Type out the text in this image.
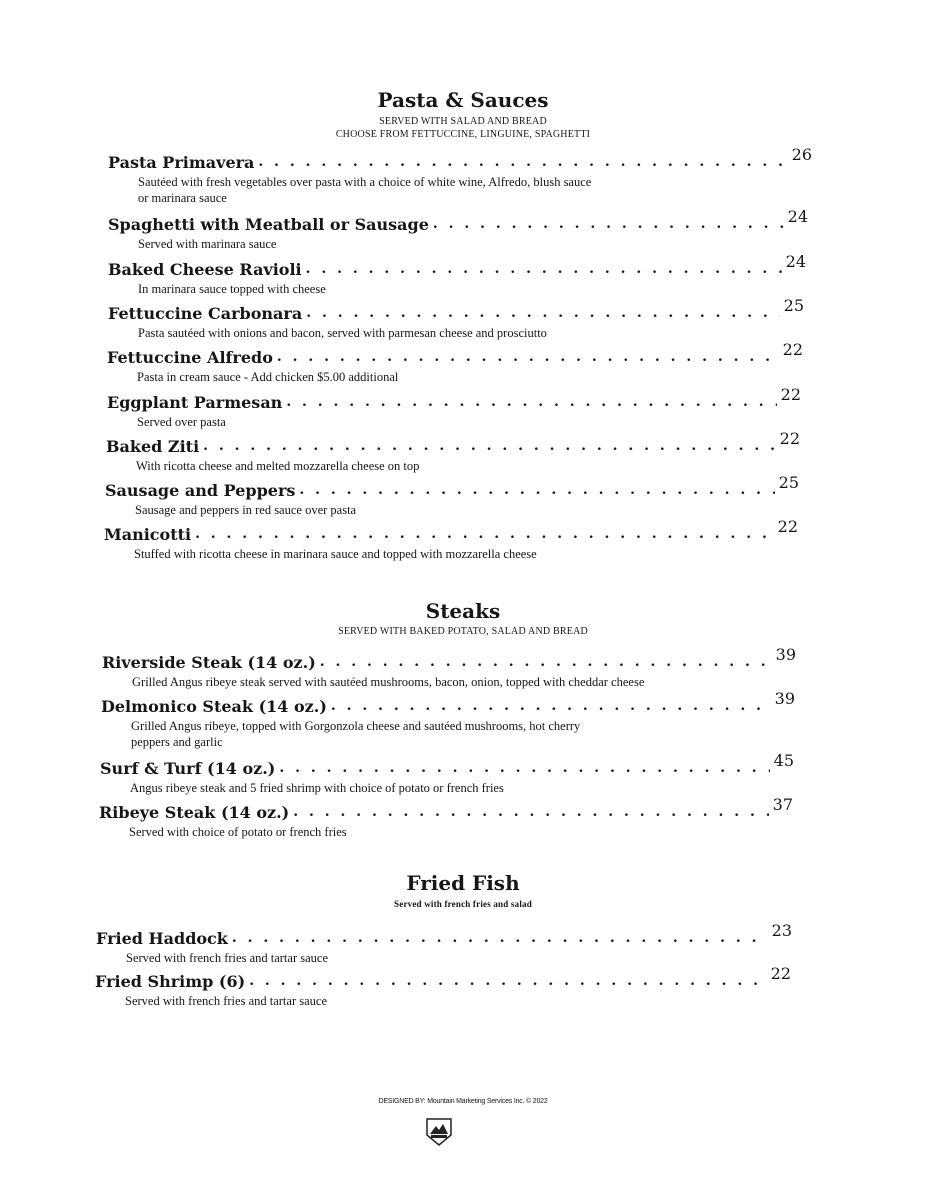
Pasta & Sauces

SERVED WITH SALAD AND BREAD

CHOOSE FROM FETTUCCINE, LINGUINE, SPAGHETTI

Pasta Primavera . . .	26
Sautéed with fresh vegetables over pasta with a choice of white wine, Alfredo, blush sauce
or marinara sauce
Spaghetti with Meatball or Sausage . . .	24
Served with marinara sauce
Baked Cheese Ravioli . . .	24
In marinara sauce topped with cheese
Fettuccine Carbonara . . .	25
Pasta sautéed with onions and bacon, served with parmesan cheese and prosciutto
Fettuccine Alfredo . . .	22
Pasta in cream sauce - Add chicken $5.00 additional
Eggplant Parmesan . . .	22
Served over pasta
Baked Ziti . . .	22
With ricotta cheese and melted mozzarella cheese on top
Sausage and Peppers . . .	25
Sausage and peppers in red sauce over pasta
Manicotti . . .	22
Stuffed with ricotta cheese in marinara sauce and topped with mozzarella cheese
Steaks

SERVED WITH BAKED POTATO, SALAD AND BREAD

Riverside Steak (14 oz.) . . .	39
Grilled Angus ribeye steak served with sautéed mushrooms, bacon, onion, topped with cheddar cheese
Delmonico Steak (14 oz.) . . .	39
Grilled Angus ribeye, topped with Gorgonzola cheese and sautéed mushrooms, hot cherry
peppers and garlic
Surf & Turf (14 oz.) . . .	45
Angus ribeye steak and 5 fried shrimp with choice of potato or french fries
Ribeye Steak (14 oz.) . . .	37
Served with choice of potato or french fries
Fried Fish

Served with french fries and salad

Fried Haddock . . .	23
Served with french fries and tartar sauce
Fried Shrimp (6) . . .	22
Served with french fries and tartar sauce
DESIGNED BY: Mountain Marketing Services Inc. © 2022
